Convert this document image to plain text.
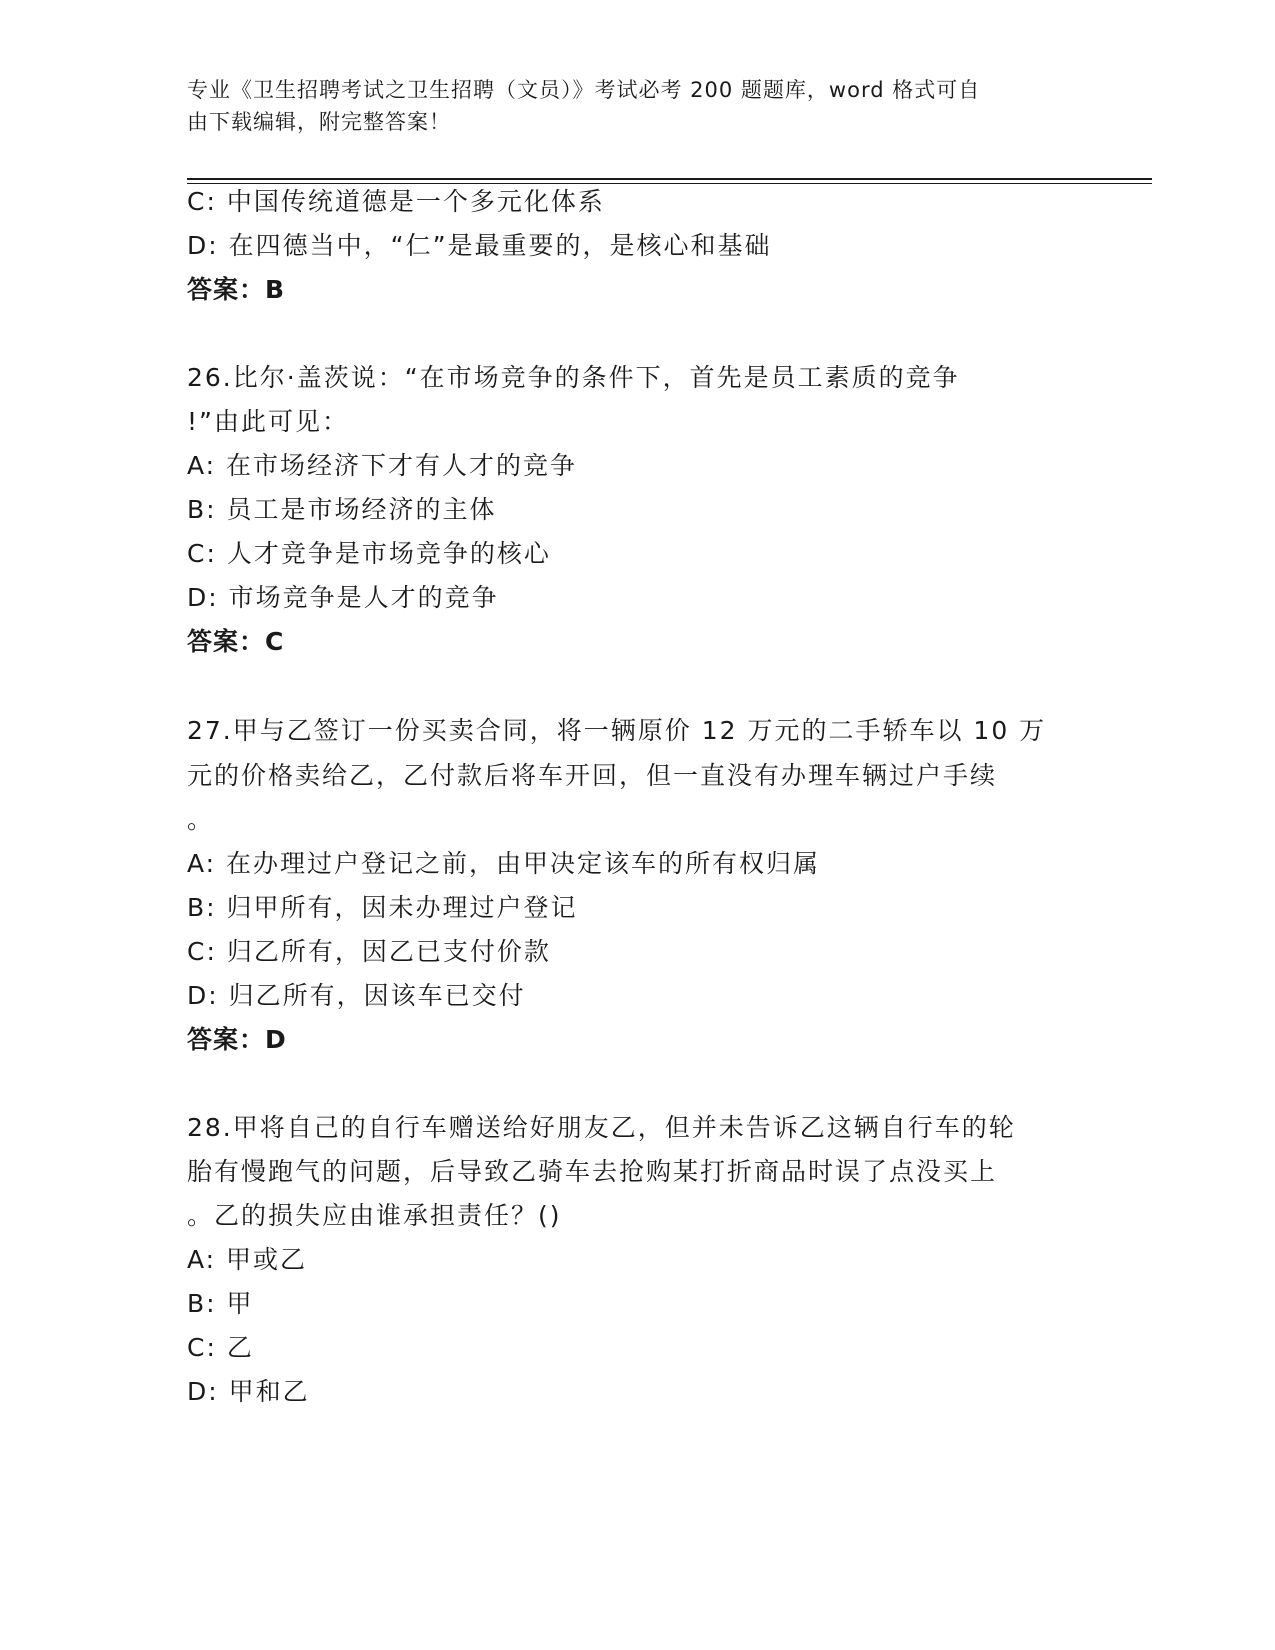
专业《卫生招聘考试之卫生招聘（文员）》考试必考 200 题题库，word 格式可自
由下载编辑，附完整答案！
C: 中国传统道德是一个多元化体系
D: 在四德当中，“仁”是最重要的，是核心和基础
答案：B
26.比尔·盖茨说：“在市场竞争的条件下，首先是员工素质的竞争
!”由此可见：
A: 在市场经济下才有人才的竞争
B: 员工是市场经济的主体
C: 人才竞争是市场竞争的核心
D: 市场竞争是人才的竞争
答案：C
27.甲与乙签订一份买卖合同，将一辆原价 12 万元的二手轿车以 10 万
元的价格卖给乙，乙付款后将车开回，但一直没有办理车辆过户手续
。
A: 在办理过户登记之前，由甲决定该车的所有权归属
B: 归甲所有，因未办理过户登记
C: 归乙所有，因乙已支付价款
D: 归乙所有，因该车已交付
答案：D
28.甲将自己的自行车赠送给好朋友乙，但并未告诉乙这辆自行车的轮
胎有慢跑气的问题，后导致乙骑车去抢购某打折商品时误了点没买上
。乙的损失应由谁承担责任？()
A: 甲或乙
B: 甲
C: 乙
D: 甲和乙
